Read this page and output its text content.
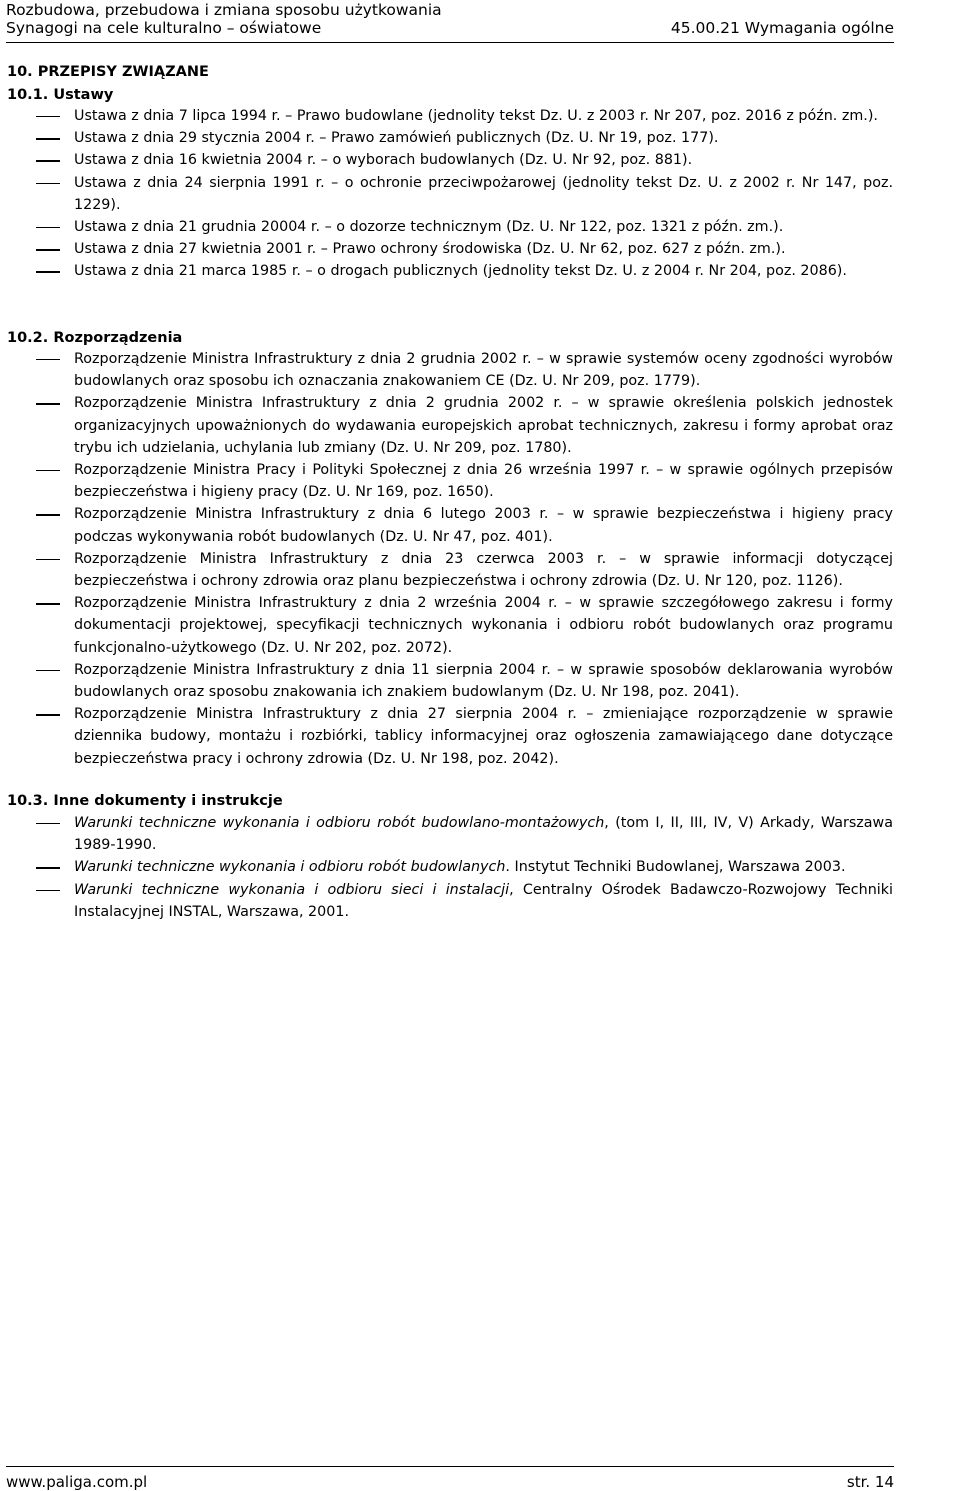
Rozbudowa, przebudowa i zmiana sposobu użytkowania
Synagogi na cele kulturalno – oświatowe	45.00.21 Wymagania ogólne
10. PRZEPISY ZWIĄZANE
10.1. Ustawy
Ustawa z dnia 7 lipca 1994 r. – Prawo budowlane (jednolity tekst Dz. U. z 2003 r. Nr 207, poz. 2016 z późn. zm.).
Ustawa z dnia 29 stycznia 2004 r. – Prawo zamówień publicznych (Dz. U. Nr 19, poz. 177).
Ustawa z dnia 16 kwietnia 2004 r. – o wyborach budowlanych (Dz. U. Nr 92, poz. 881).
Ustawa z dnia 24 sierpnia 1991 r. – o ochronie przeciwpożarowej (jednolity tekst Dz. U. z 2002 r. Nr 147, poz. 1229).
Ustawa z dnia 21 grudnia 20004 r. – o dozorze technicznym (Dz. U. Nr 122, poz. 1321 z późn. zm.).
Ustawa z dnia 27 kwietnia 2001 r. – Prawo ochrony środowiska (Dz. U. Nr 62, poz. 627 z późn. zm.).
Ustawa z dnia 21 marca 1985 r. – o drogach publicznych (jednolity tekst Dz. U. z 2004 r. Nr 204, poz. 2086).
10.2. Rozporządzenia
Rozporządzenie Ministra Infrastruktury z dnia 2 grudnia 2002 r. – w sprawie systemów oceny zgodności wyrobów budowlanych oraz sposobu ich oznaczania znakowaniem CE (Dz. U. Nr 209, poz. 1779).
Rozporządzenie Ministra Infrastruktury z dnia 2 grudnia 2002 r. – w sprawie określenia polskich jednostek organizacyjnych upoważnionych do wydawania europejskich aprobat technicznych, zakresu i formy aprobat oraz trybu ich udzielania, uchylania lub zmiany (Dz. U. Nr 209, poz. 1780).
Rozporządzenie Ministra Pracy i Polityki Społecznej z dnia 26 września 1997 r. – w sprawie ogólnych przepisów bezpieczeństwa i higieny pracy (Dz. U. Nr 169, poz. 1650).
Rozporządzenie Ministra Infrastruktury z dnia 6 lutego 2003 r. – w sprawie bezpieczeństwa i higieny pracy podczas wykonywania robót budowlanych (Dz. U. Nr 47, poz. 401).
Rozporządzenie Ministra Infrastruktury z dnia 23 czerwca 2003 r. – w sprawie informacji dotyczącej bezpieczeństwa i ochrony zdrowia oraz planu bezpieczeństwa i ochrony zdrowia (Dz. U. Nr 120, poz. 1126).
Rozporządzenie Ministra Infrastruktury z dnia 2 września 2004 r. – w sprawie szczegółowego zakresu i formy dokumentacji projektowej, specyfikacji technicznych wykonania i odbioru robót budowlanych oraz programu funkcjonalno-użytkowego (Dz. U. Nr 202, poz. 2072).
Rozporządzenie Ministra Infrastruktury z dnia 11 sierpnia 2004 r. – w sprawie sposobów deklarowania wyrobów budowlanych oraz sposobu znakowania ich znakiem budowlanym (Dz. U. Nr 198, poz. 2041).
Rozporządzenie Ministra Infrastruktury z dnia 27 sierpnia 2004 r. – zmieniające rozporządzenie w sprawie dziennika budowy, montażu i rozbiórki, tablicy informacyjnej oraz ogłoszenia zamawiającego dane dotyczące bezpieczeństwa pracy i ochrony zdrowia (Dz. U. Nr 198, poz. 2042).
10.3. Inne dokumenty i instrukcje
Warunki techniczne wykonania i odbioru robót budowlano-montażowych, (tom I, II, III, IV, V) Arkady, Warszawa 1989-1990.
Warunki techniczne wykonania i odbioru robót budowlanych. Instytut Techniki Budowlanej, Warszawa 2003.
Warunki techniczne wykonania i odbioru sieci i instalacji, Centralny Ośrodek Badawczo-Rozwojowy Techniki Instalacyjnej INSTAL, Warszawa, 2001.
www.paliga.com.pl	str. 14
